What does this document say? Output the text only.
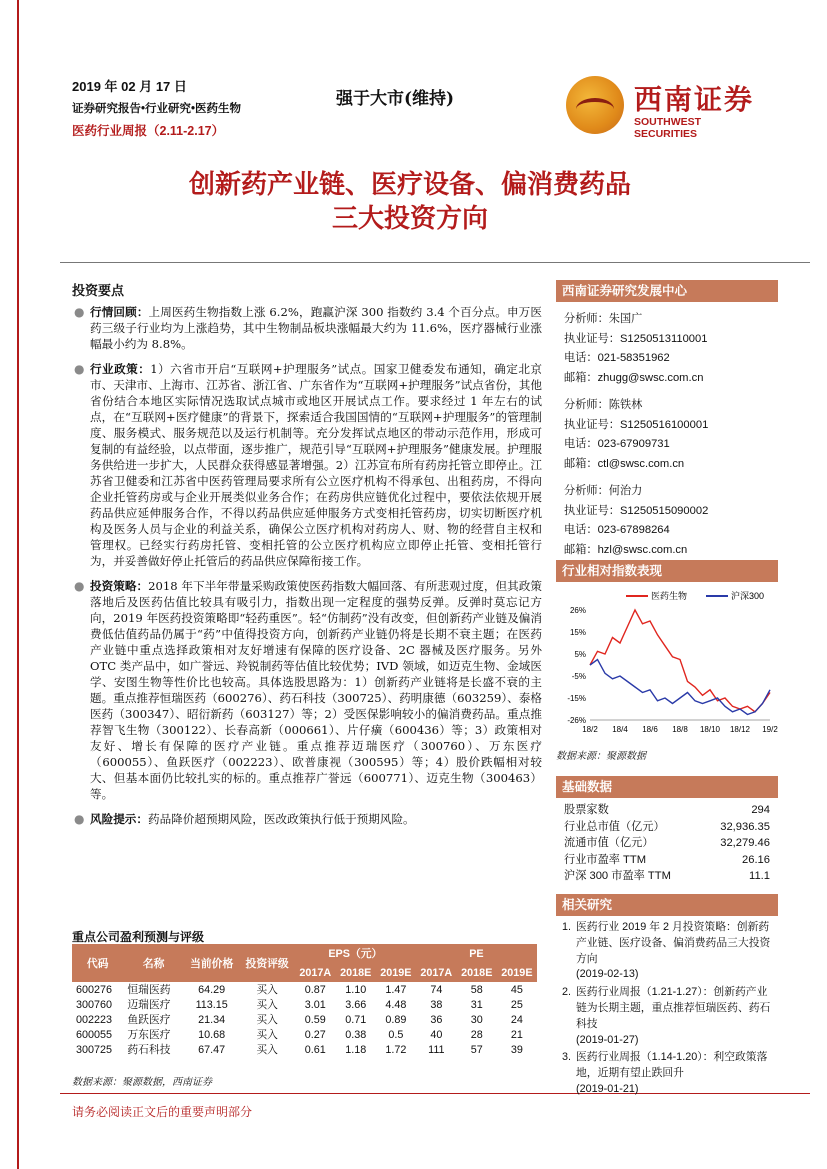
2019 年 02 月 17 日
证券研究报告•行业研究•医药生物
医药行业周报（2.11-2.17）
强于大市(维持)	西南证券
SOUTHWEST SECURITIES
创新药产业链、医疗设备、偏消费药品
三大投资方向
投资要点
● 行情回顾：上周医药生物指数上涨 6.2%，跑赢沪深 300 指数约 3.4 个百分点。申万医药三级子行业均为上涨趋势，其中生物制品板块涨幅最大约为 11.6%，医疗器械行业涨幅最小约为 8.8%。
● 行业政策：1）六省市开启“互联网+护理服务”试点。国家卫健委发布通知，确定北京市、天津市、上海市、江苏省、浙江省、广东省作为“互联网+护理服务”试点省份，其他省份结合本地区实际情况选取试点城市或地区开展试点工作。要求经过 1 年左右的试点，在“互联网+医疗健康”的背景下，探索适合我国国情的“互联网+护理服务”的管理制度、服务模式、服务规范以及运行机制等。充分发挥试点地区的带动示范作用，形成可复制的有益经验，以点带面，逐步推广，规范引导“互联网+护理服务”健康发展。护理服务供给进一步扩大，人民群众获得感显著增强。2）江苏宣布所有药房托管立即停止。江苏省卫健委和江苏省中医药管理局要求所有公立医疗机构不得承包、出租药房，不得向企业托管药房或与企业开展类似业务合作；在药房供应链优化过程中，要依法依规开展药品供应延伸服务合作，不得以药品供应延伸服务方式变相托管药房，切实切断医疗机构及医务人员与企业的利益关系，确保公立医疗机构对药房人、财、物的经营自主权和管理权。已经实行药房托管、变相托管的公立医疗机构应立即停止托管、变相托管行为，并妥善做好停止托管后的药品供应保障衔接工作。
● 投资策略：2018 年下半年带量采购政策使医药指数大幅回落、有所悲观过度，但其政策落地后及医药估值比较具有吸引力，指数出现一定程度的强势反弹。反弹时莫忘记方向，2019 年医药投资策略即“轻药重医”。轻“仿制药”没有改变，但创新药产业链及偏消费低估值药品仍属于“药”中值得投资方向，创新药产业链仍将是长期不衰主题；在医药产业链中重点选择政策相对友好增速有保障的医疗设备、2C 器械及医疗服务。另外 OTC 类产品中，如广誉远、羚锐制药等估值比较优势；IVD 领域，如迈克生物、金域医学、安图生物等性价比也较高。具体选股思路为：1）创新药产业链将是长盛不衰的主题。重点推荐恒瑞医药（600276）、药石科技（300725）、药明康德（603259）、泰格医药（300347）、昭衍新药（603127）等；2）受医保影响较小的偏消费药品。重点推荐智飞生物（300122）、长春高新（000661）、片仔癀（600436）等；3）政策相对友好、增长有保障的医疗产业链。重点推荐迈瑞医疗（300760）、万东医疗（600055）、鱼跃医疗（002223）、欧普康视（300595）等；4）股价跌幅相对较大、但基本面仍比较扎实的标的。重点推荐广誉远（600771）、迈克生物（300463）等。
● 风险提示：药品降价超预期风险，医改政策执行低于预期风险。
重点公司盈利预测与评级
代码	名称	当前价格	投资评级	EPS（元）			PE		
				2017A	2018E	2019E	2017A	2018E	2019E
600276	恒瑞医药	64.29	买入	0.87	1.10	1.47	74	58	45
300760	迈瑞医疗	113.15	买入	3.01	3.66	4.48	38	31	25
002223	鱼跃医疗	21.34	买入	0.59	0.71	0.89	36	30	24
600055	万东医疗	10.68	买入	0.27	0.38	0.5	40	28	21
300725	药石科技	67.47	买入	0.61	1.18	1.72	111	57	39
数据来源：聚源数据，西南证券
请务必阅读正文后的重要声明部分
西南证券研究发展中心
分析师：朱国广
执业证号：S1250513110001
电话：021-58351962
邮箱：zhugg@swsc.com.cn
分析师：陈铁林
执业证号：S1250516100001
电话：023-67909731
邮箱：ctl@swsc.com.cn
分析师：何治力
执业证号：S1250515090002
电话：023-67898264
邮箱：hzl@swsc.com.cn
行业相对指数表现
医药生物	沪深300
26%
15%
5%
-5%
-15%
-26%
18/2 18/4 18/6 18/8 18/10 18/12 19/2
数据来源：聚源数据
基础数据
股票家数	294
行业总市值（亿元）	32,936.35
流通市值（亿元）	32,279.46
行业市盈率 TTM	26.16
沪深 300 市盈率 TTM	11.1
相关研究
1. 医药行业 2019 年 2 月投资策略：创新药产业链、医疗设备、偏消费药品三大投资方向
(2019-02-13)
2. 医药行业周报（1.21-1.27）：创新药产业链为长期主题，重点推荐恒瑞医药、药石科技
(2019-01-27)
3. 医药行业周报（1.14-1.20）：利空政策落地，近期有望止跌回升
(2019-01-21)
